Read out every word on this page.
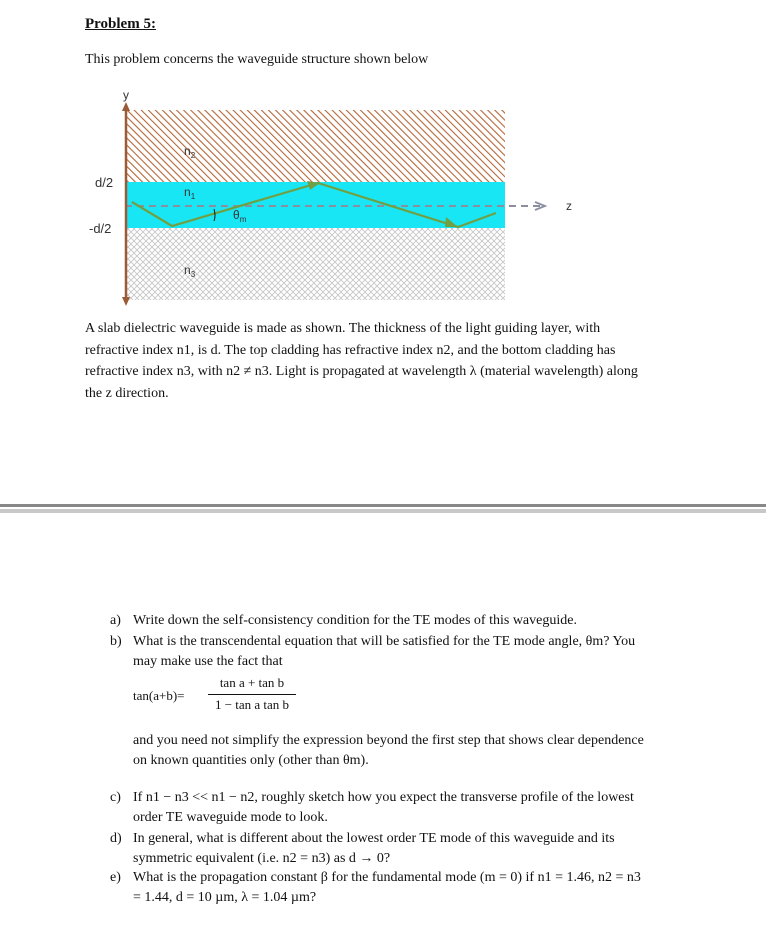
Problem 5:
This problem concerns the waveguide structure shown below
y
z
d/2
-d/2
$n_2$
$n_1$
$n_3$
$\theta_m$
A slab dielectric waveguide is made as shown. The thickness of the light guiding layer, with
refractive index n1, is d. The top cladding has refractive index n2, and the bottom cladding has
refractive index n3, with n2 ≠ n3. Light is propagated at wavelength λ (material wavelength) along
the z direction.
a) Write down the self-consistency condition for the TE modes of this waveguide.
b) What is the transcendental equation that will be satisfied for the TE mode angle, θm? You
may make use the fact that
tan(a+b)=
tan a + tan b
1 − tan a tan b
and you need not simplify the expression beyond the first step that shows clear dependence
on known quantities only (other than θm).
c) If n1 − n3 << n1 − n2, roughly sketch how you expect the transverse profile of the lowest
order TE waveguide mode to look.
d) In general, what is different about the lowest order TE mode of this waveguide and its
symmetric equivalent (i.e. n2 = n3) as d → 0?
e) What is the propagation constant β for the fundamental mode (m = 0) if n1 = 1.46, n2 = n3
= 1.44, d = 10 µm, λ = 1.04 µm?
